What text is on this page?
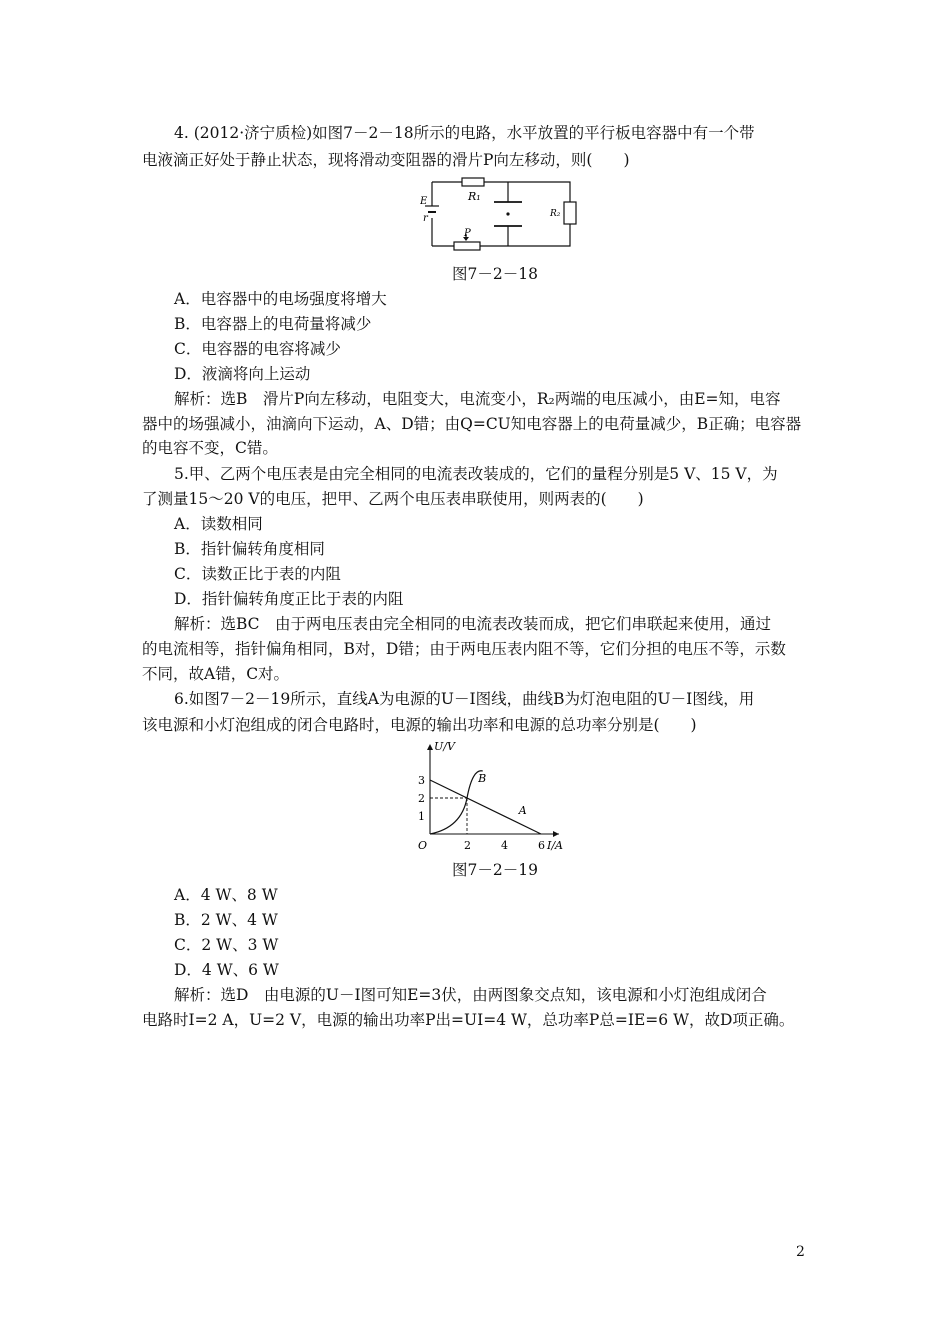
4. (2012·济宁质检)如图7－2－18所示的电路，水平放置的平行板电容器中有一个带
电液滴正好处于静止状态，现将滑动变阻器的滑片P向左移动，则(　　)
R₁
R₂
E
r
P
图7－2－18
A．电容器中的电场强度将增大
B．电容器上的电荷量将减少
C．电容器的电容将减少
D．液滴将向上运动
解析：选B　滑片P向左移动，电阻变大，电流变小，R₂两端的电压减小，由E=知，电容
器中的场强减小，油滴向下运动，A、D错；由Q=CU知电容器上的电荷量减少，B正确；电容器
的电容不变，C错。
5.甲、乙两个电压表是由完全相同的电流表改装成的，它们的量程分别是5 V、15 V，为
了测量15～20 V的电压，把甲、乙两个电压表串联使用，则两表的(　　)
A．读数相同
B．指针偏转角度相同
C．读数正比于表的内阻
D．指针偏转角度正比于表的内阻
解析：选BC　由于两电压表由完全相同的电流表改装而成，把它们串联起来使用，通过
的电流相等，指针偏角相同，B对，D错；由于两电压表内阻不等，它们分担的电压不等，示数
不同，故A错，C对。
6.如图7－2－19所示，直线A为电源的U－I图线，曲线B为灯泡电阻的U－I图线，用
该电源和小灯泡组成的闭合电路时，电源的输出功率和电源的总功率分别是(　　)
U/V
I/A
O	2	4	6
1
2
3
A
B
图7－2－19
A．4 W、8 W
B．2 W、4 W
C．2 W、3 W
D．4 W、6 W
解析：选D　由电源的U－I图可知E=3伏，由两图象交点知，该电源和小灯泡组成闭合
电路时I=2 A，U=2 V，电源的输出功率P出=UI=4 W，总功率P总=IE=6 W，故D项正确。
2
